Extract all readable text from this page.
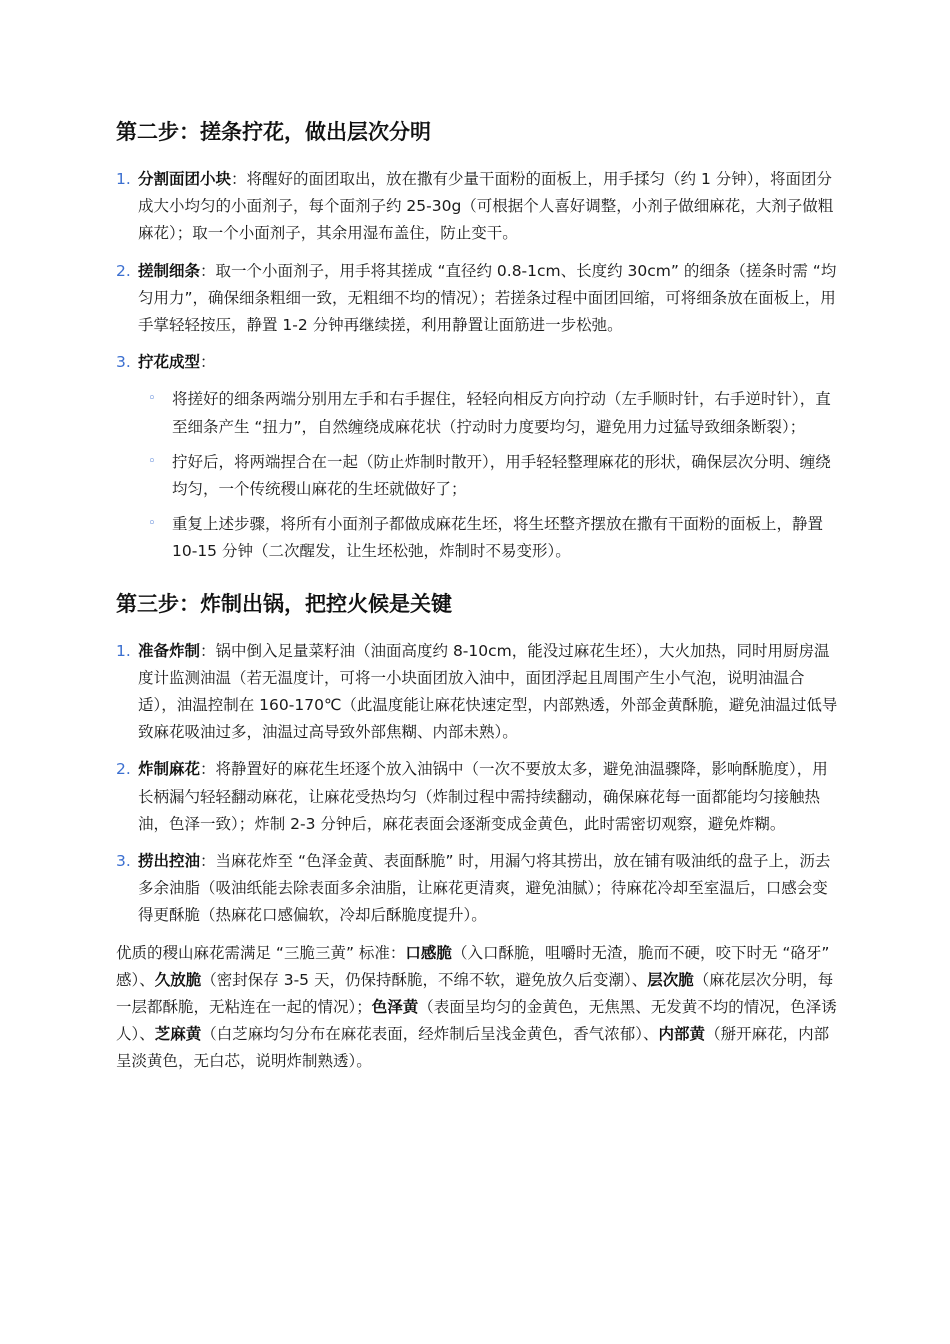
第二步：搓条拧花，做出层次分明
1. 分割面团小块：将醒好的面团取出，放在撒有少量干面粉的面板上，用手揉匀（约 1 分钟），将面团分成大小均匀的小面剂子，每个面剂子约 25-30g（可根据个人喜好调整，小剂子做细麻花，大剂子做粗麻花）；取一个小面剂子，其余用湿布盖住，防止变干。
2. 搓制细条：取一个小面剂子，用手将其搓成 “直径约 0.8-1cm、长度约 30cm” 的细条（搓条时需 “均匀用力”，确保细条粗细一致，无粗细不均的情况）；若搓条过程中面团回缩，可将细条放在面板上，用手掌轻轻按压，静置 1-2 分钟再继续搓，利用静置让面筋进一步松弛。
3. 拧花成型：
◦ 将搓好的细条两端分别用左手和右手握住，轻轻向相反方向拧动（左手顺时针，右手逆时针），直至细条产生 “扭力”，自然缠绕成麻花状（拧动时力度要均匀，避免用力过猛导致细条断裂）；
◦ 拧好后，将两端捏合在一起（防止炸制时散开），用手轻轻整理麻花的形状，确保层次分明、缠绕均匀，一个传统稷山麻花的生坯就做好了；
◦ 重复上述步骤，将所有小面剂子都做成麻花生坯，将生坯整齐摆放在撒有干面粉的面板上，静置 10-15 分钟（二次醒发，让生坯松弛，炸制时不易变形）。
第三步：炸制出锅，把控火候是关键
1. 准备炸制：锅中倒入足量菜籽油（油面高度约 8-10cm，能没过麻花生坯），大火加热，同时用厨房温度计监测油温（若无温度计，可将一小块面团放入油中，面团浮起且周围产生小气泡，说明油温合适），油温控制在 160-170℃（此温度能让麻花快速定型，内部熟透，外部金黄酥脆，避免油温过低导致麻花吸油过多，油温过高导致外部焦糊、内部未熟）。
2. 炸制麻花：将静置好的麻花生坯逐个放入油锅中（一次不要放太多，避免油温骤降，影响酥脆度），用长柄漏勺轻轻翻动麻花，让麻花受热均匀（炸制过程中需持续翻动，确保麻花每一面都能均匀接触热油，色泽一致）；炸制 2-3 分钟后，麻花表面会逐渐变成金黄色，此时需密切观察，避免炸糊。
3. 捞出控油：当麻花炸至 “色泽金黄、表面酥脆” 时，用漏勺将其捞出，放在铺有吸油纸的盘子上，沥去多余油脂（吸油纸能去除表面多余油脂，让麻花更清爽，避免油腻）；待麻花冷却至室温后，口感会变得更酥脆（热麻花口感偏软，冷却后酥脆度提升）。

优质的稷山麻花需满足 “三脆三黄” 标准：口感脆（入口酥脆，咀嚼时无渣，脆而不硬，咬下时无 “硌牙” 感）、久放脆（密封保存 3-5 天，仍保持酥脆，不绵不软，避免放久后变潮）、层次脆（麻花层次分明，每一层都酥脆，无粘连在一起的情况）；色泽黄（表面呈均匀的金黄色，无焦黑、无发黄不均的情况，色泽诱人）、芝麻黄（白芝麻均匀分布在麻花表面，经炸制后呈浅金黄色，香气浓郁）、内部黄（掰开麻花，内部呈淡黄色，无白芯，说明炸制熟透）。
